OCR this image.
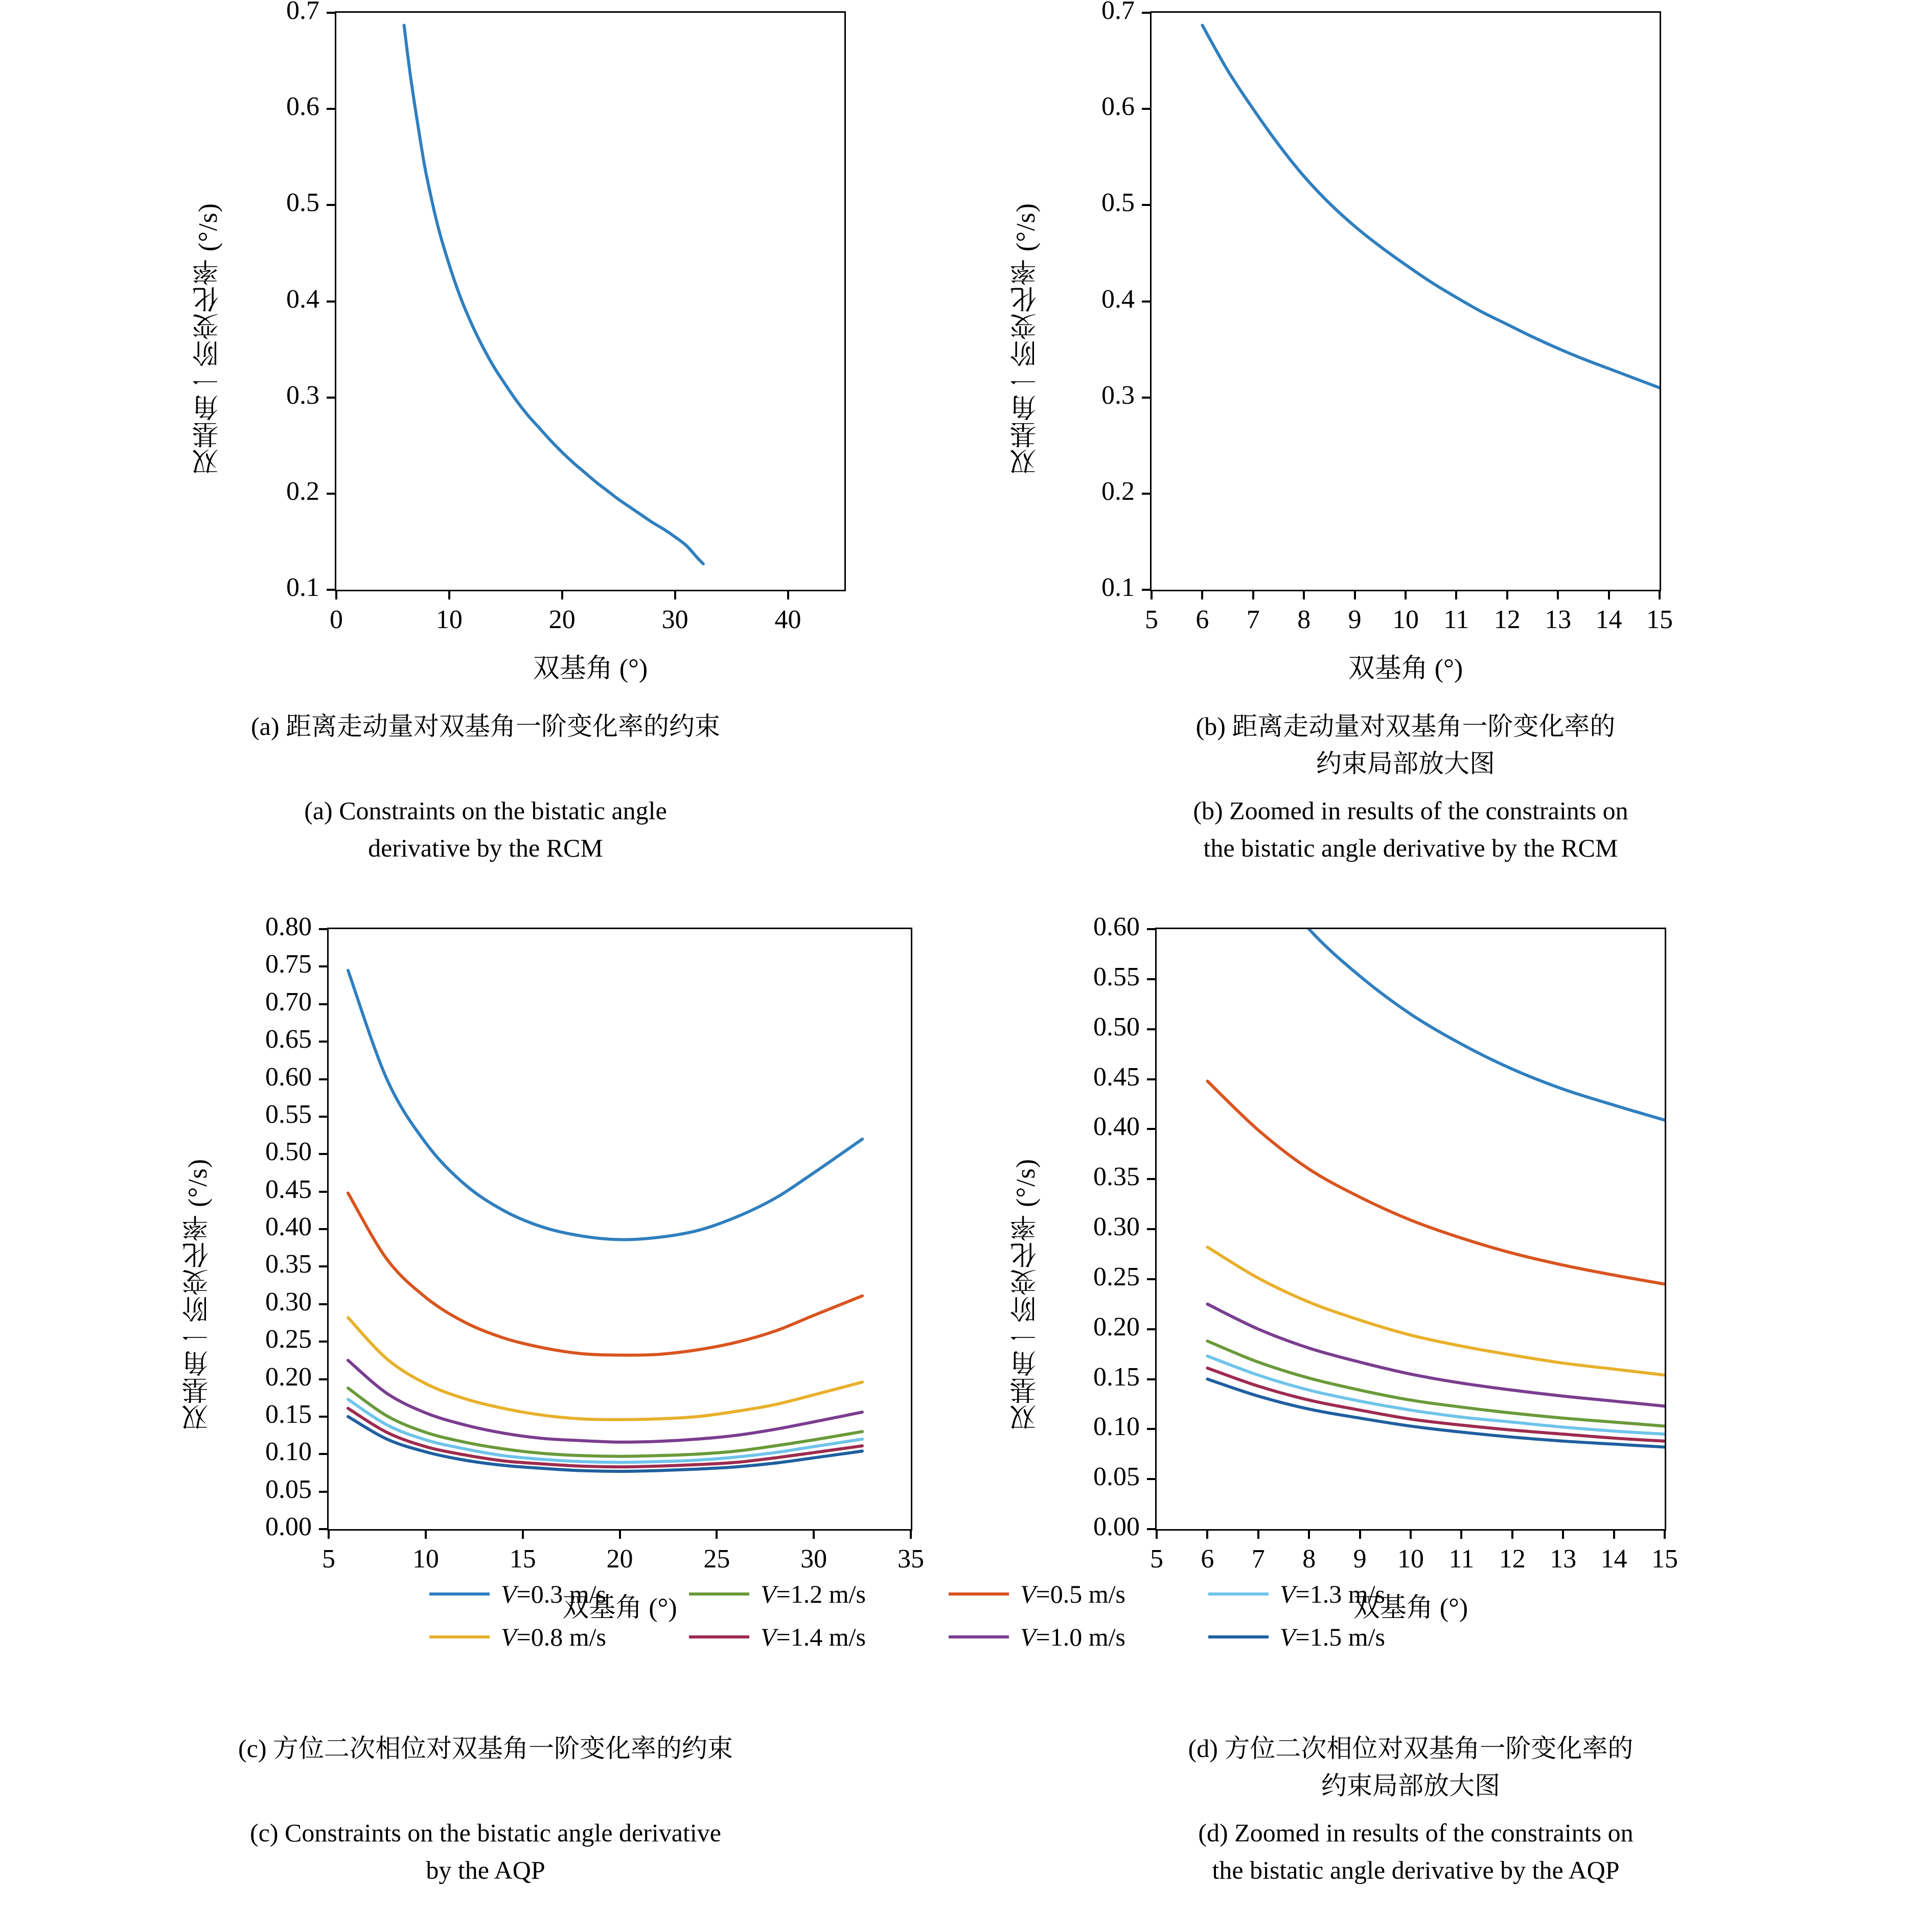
双基角一阶变化率 (°/s)
0.1
0.2
0.3
0.4
0.5
0.6
0.7
0	10	20	30	40
双基角 (°)
(a) 距离走动量对双基角一阶变化率的约束
(a) Constraints on the bistatic angle
derivative by the RCM
双基角一阶变化率 (°/s)
0.1
0.2
0.3
0.4
0.5
0.6
0.7
5	6	7	8	9	10 11 12 13 14 15
双基角 (°)
(b) 距离走动量对双基角一阶变化率的
约束局部放大图
(b) Zoomed in results of the constraints on
the bistatic angle derivative by the RCM
双基角一阶变化率 (°/s)
0.00
0.05
0.10
0.15
0.20
0.25
0.30
0.35
0.40
0.45
0.50
0.55
0.60
0.65
0.70
0.75
0.80
5	10	15	20	25	30	35
双基角 (°)
(c) 方位二次相位对双基角一阶变化率的约束
(c) Constraints on the bistatic angle derivative
by the AQP
双基角一阶变化率 (°/s)
0.00
0.05
0.10
0.15
0.20
0.25
0.30
0.35
0.40
0.45
0.50
0.55
0.60
5	6	7	8	9	10 11 12 13 14 15
双基角 (°)
(d) 方位二次相位对双基角一阶变化率的
约束局部放大图
(d) Zoomed in results of the constraints on
the bistatic angle derivative by the AQP
V=0.3 m/s	V=1.2 m/s	V=0.5 m/s	V=1.3 m/s
V=0.8 m/s	V=1.4 m/s	V=1.0 m/s	V=1.5 m/s
